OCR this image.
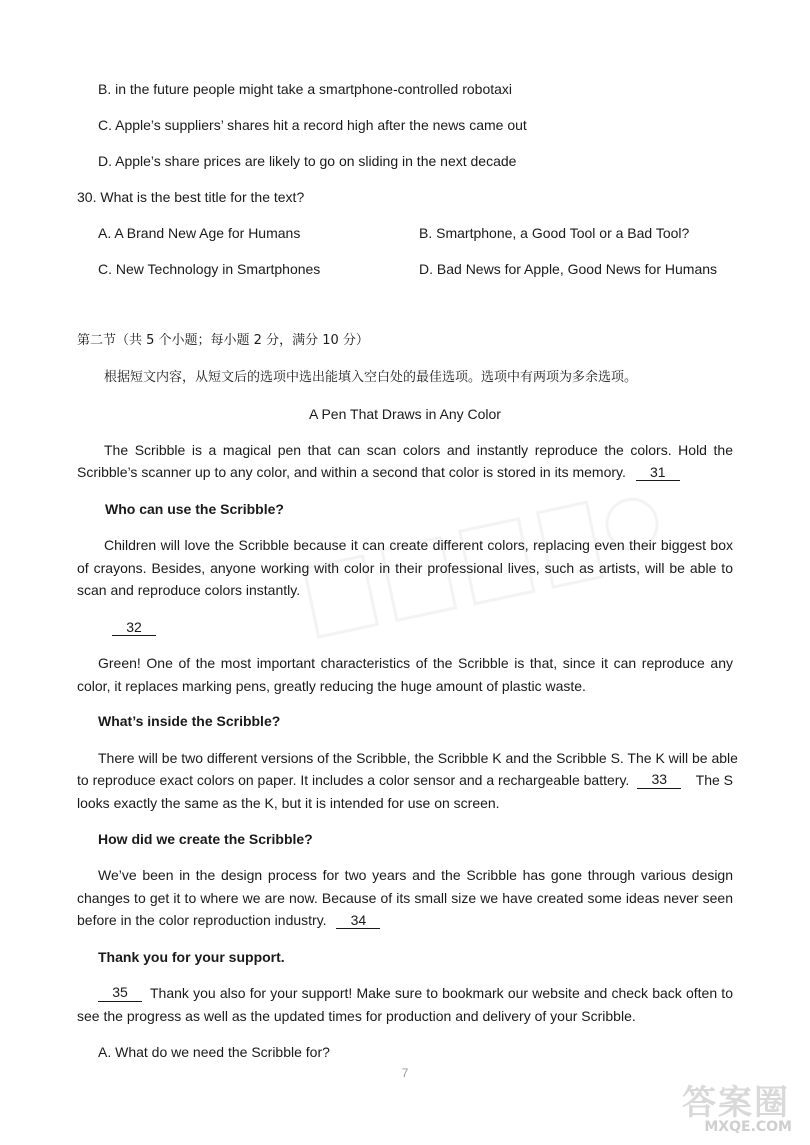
B. in the future people might take a smartphone-controlled robotaxi
C. Apple’s suppliers’ shares hit a record high after the news came out
D. Apple’s share prices are likely to go on sliding in the next decade
30. What is the best title for the text?
A. A Brand New Age for Humans	B. Smartphone, a Good Tool or a Bad Tool?
C. New Technology in Smartphones	D. Bad News for Apple, Good News for Humans
第二节（共 5 个小题；每小题 2 分，满分 10 分）
根据短文内容，从短文后的选项中选出能填入空白处的最佳选项。选项中有两项为多余选项。
A Pen That Draws in Any Color
The Scribble is a magical pen that can scan colors and instantly reproduce the colors. Hold the
Scribble’s scanner up to any color, and within a second that color is stored in its memory. 31
Who can use the Scribble?
Children will love the Scribble because it can create different colors, replacing even their biggest box
of crayons. Besides, anyone working with color in their professional lives, such as artists, will be able to
scan and reproduce colors instantly.
32
Green! One of the most important characteristics of the Scribble is that, since it can reproduce any
color, it replaces marking pens, greatly reducing the huge amount of plastic waste.
What’s inside the Scribble?
There will be two different versions of the Scribble, the Scribble K and the Scribble S. The K will be able
to reproduce exact colors on paper. It includes a color sensor and a rechargeable battery.	33	The S
looks exactly the same as the K, but it is intended for use on screen.
How did we create the Scribble?
We’ve been in the design process for two years and the Scribble has gone through various design
changes to get it to where we are now. Because of its small size we have created some ideas never seen
before in the color reproduction industry. 34
Thank you for your support.
35	Thank you also for your support! Make sure to bookmark our website and check back often to
see the progress as well as the updated times for production and delivery of your Scribble.
A. What do we need the Scribble for?
7
答案圈
MXQE.COM
